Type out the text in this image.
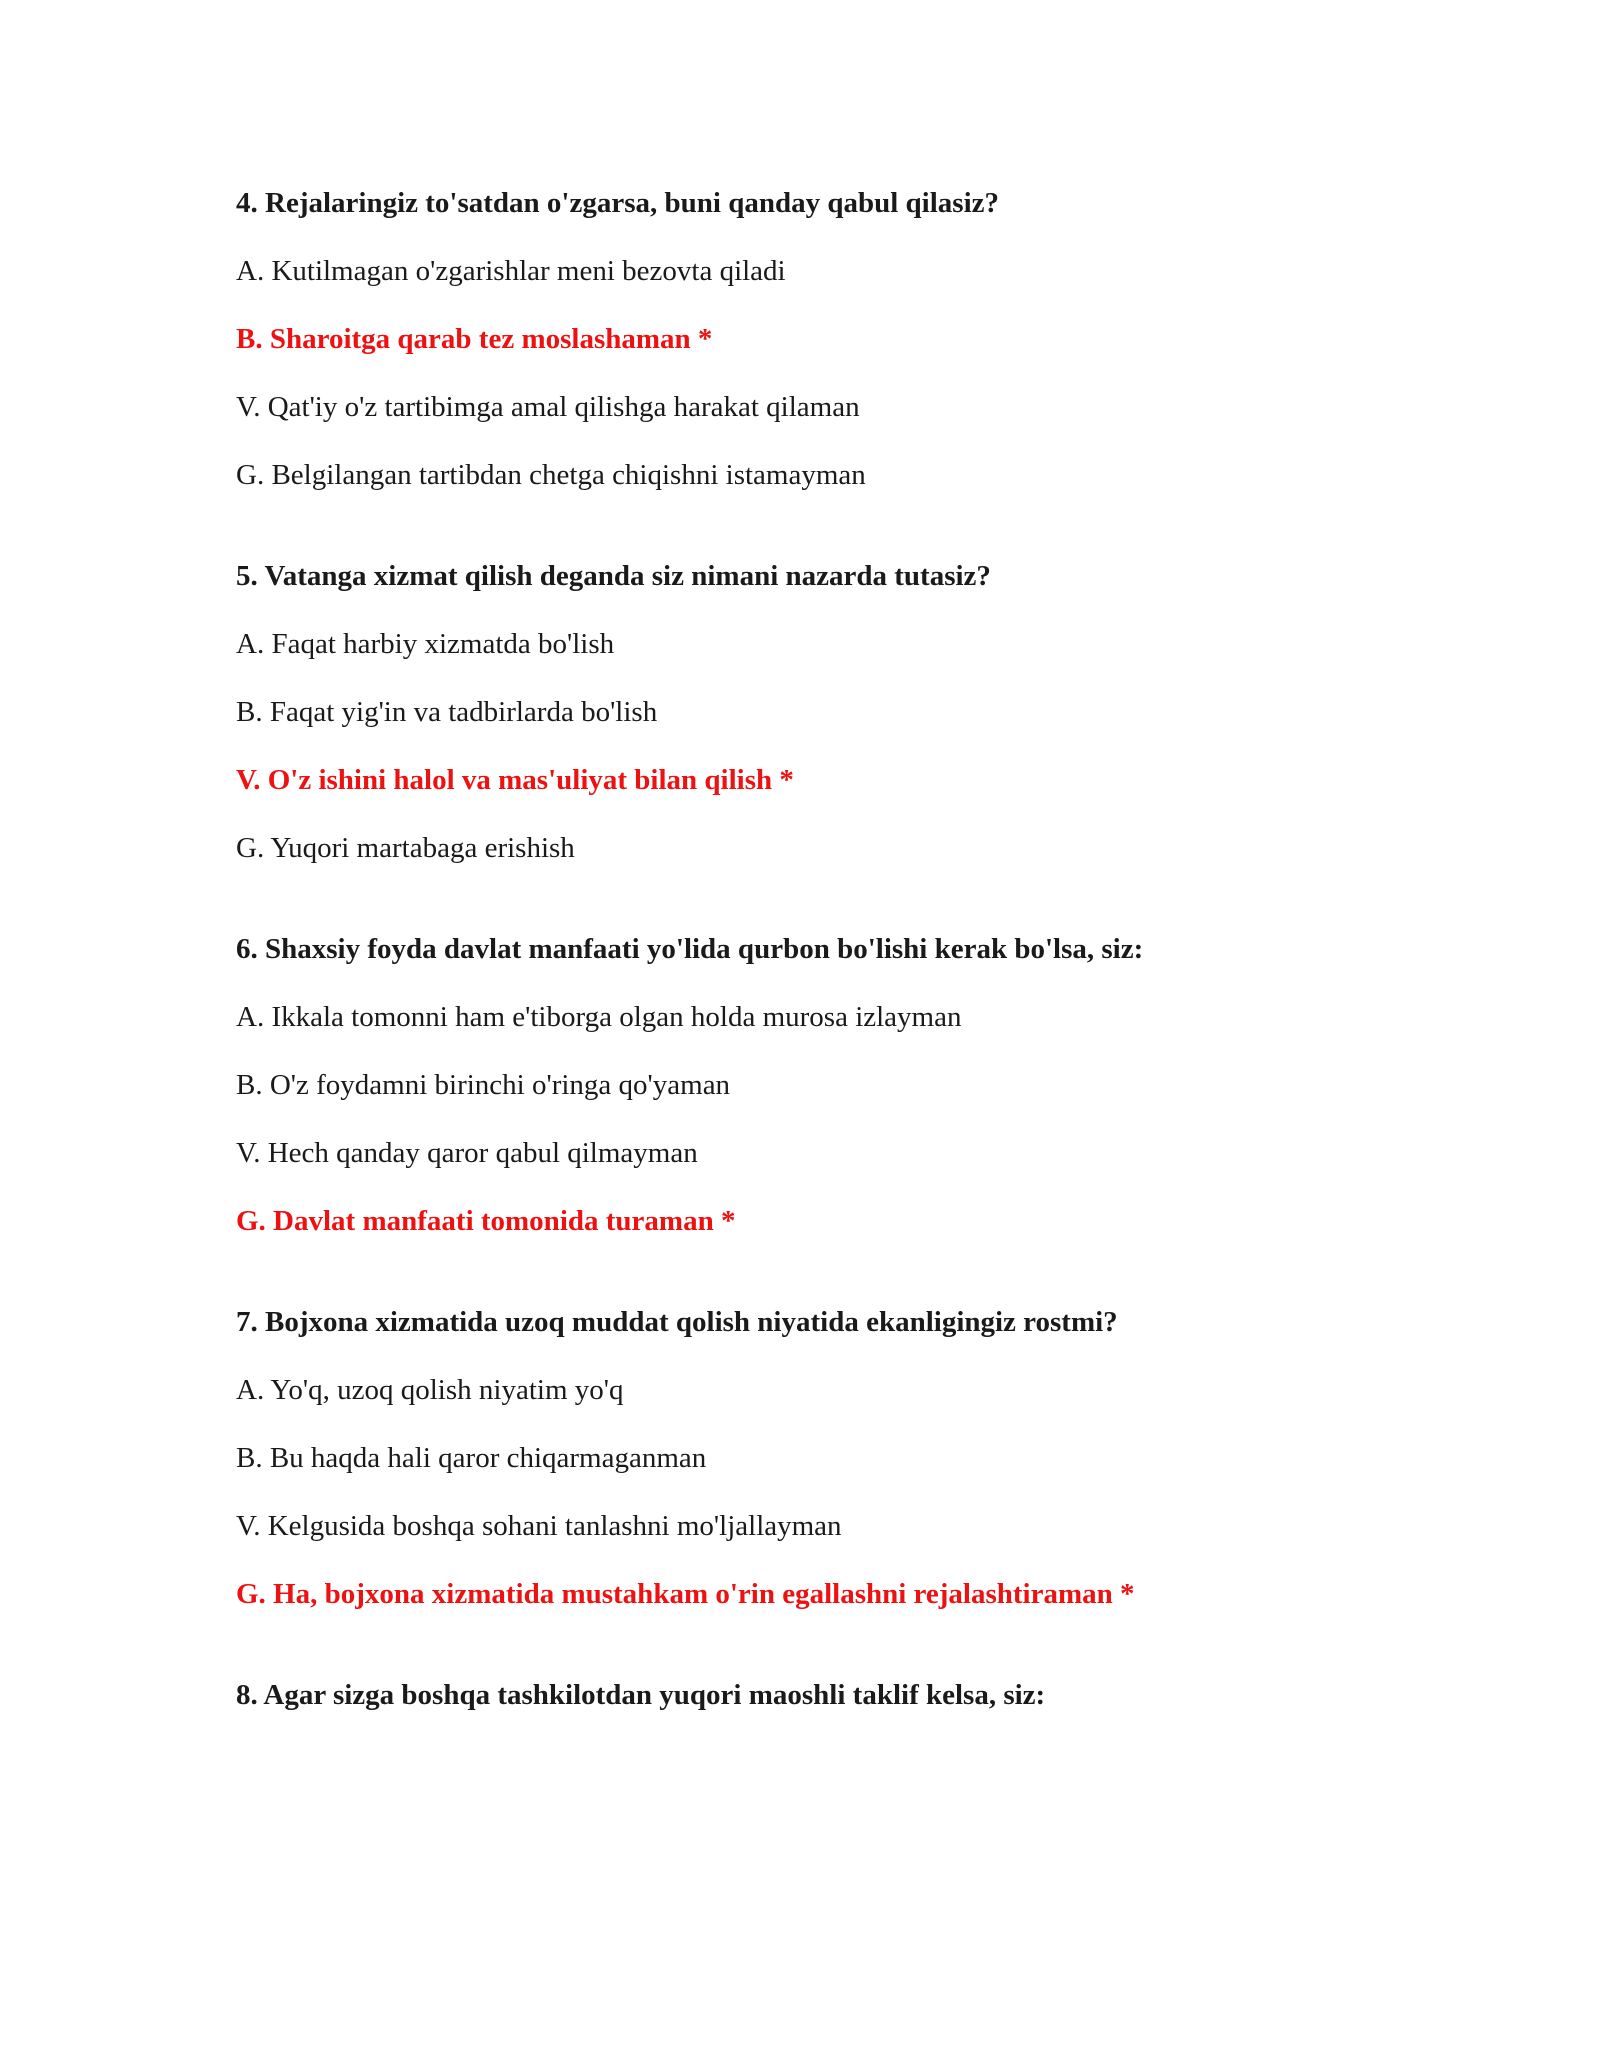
4. Rejalaringiz to'satdan o'zgarsa, buni qanday qabul qilasiz?
A. Kutilmagan o'zgarishlar meni bezovta qiladi
B. Sharoitga qarab tez moslashaman *
V. Qat'iy o'z tartibimga amal qilishga harakat qilaman
G. Belgilangan tartibdan chetga chiqishni istamayman
5. Vatanga xizmat qilish deganda siz nimani nazarda tutasiz?
A. Faqat harbiy xizmatda bo'lish
B. Faqat yig'in va tadbirlarda bo'lish
V. O'z ishini halol va mas'uliyat bilan qilish *
G. Yuqori martabaga erishish
6. Shaxsiy foyda davlat manfaati yo'lida qurbon bo'lishi kerak bo'lsa, siz:
A. Ikkala tomonni ham e'tiborga olgan holda murosa izlayman
B. O'z foydamni birinchi o'ringa qo'yaman
V. Hech qanday qaror qabul qilmayman
G. Davlat manfaati tomonida turaman *
7. Bojxona xizmatida uzoq muddat qolish niyatida ekanligingiz rostmi?
A. Yo'q, uzoq qolish niyatim yo'q
B. Bu haqda hali qaror chiqarmaganman
V. Kelgusida boshqa sohani tanlashni mo'ljallayman
G. Ha, bojxona xizmatida mustahkam o'rin egallashni rejalashtiraman *
8. Agar sizga boshqa tashkilotdan yuqori maoshli taklif kelsa, siz:
